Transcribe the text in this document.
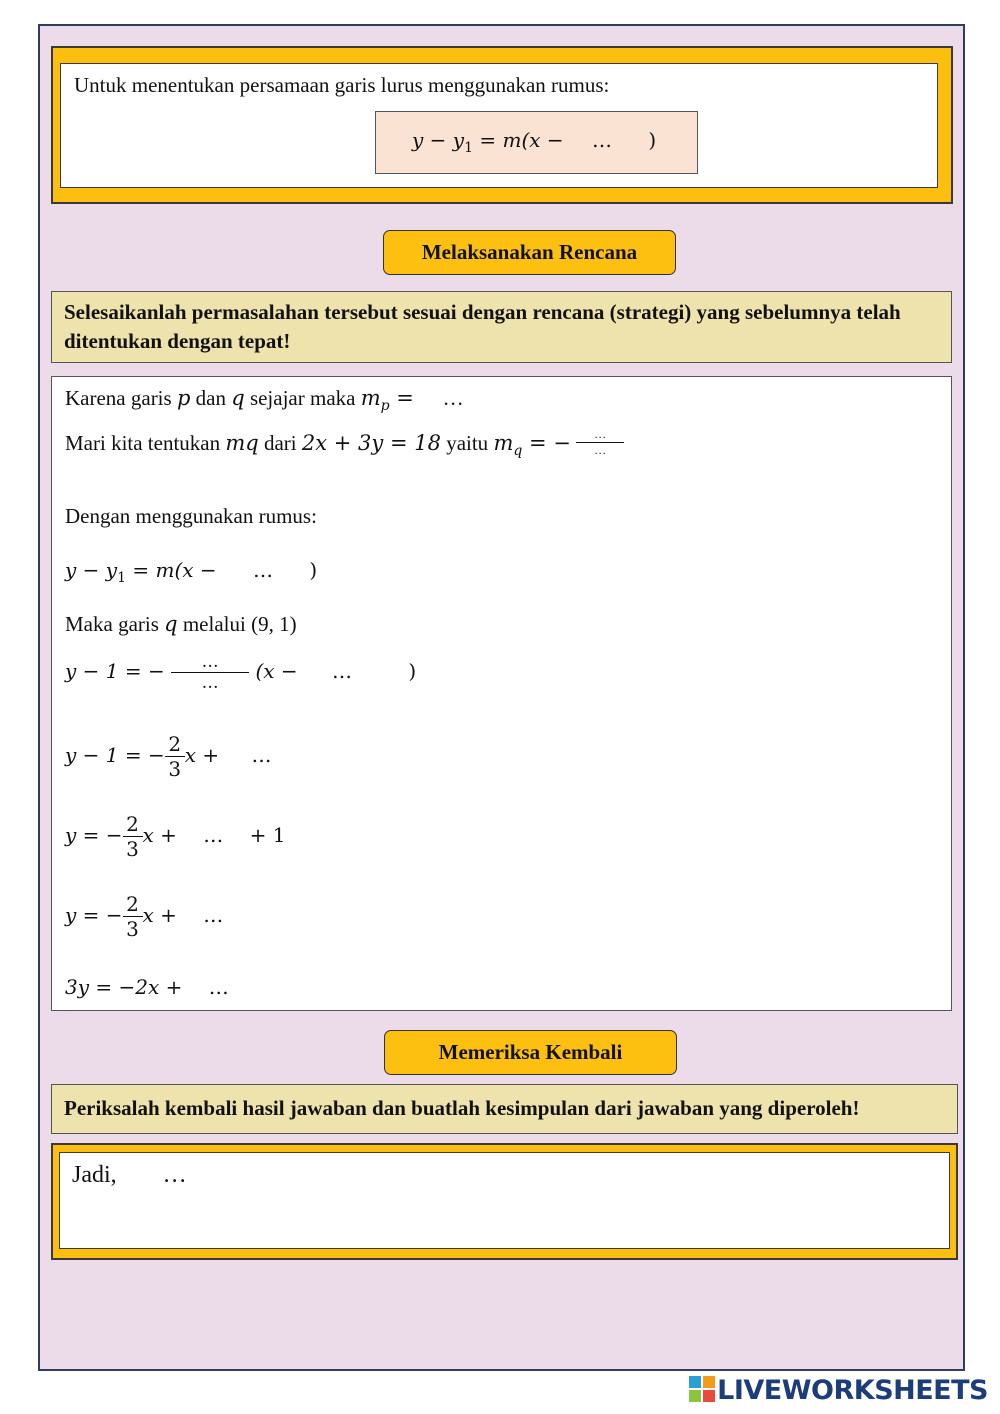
Untuk menentukan persamaan garis lurus menggunakan rumus:
$y - y_1 = m(x$ − … )
Melaksanakan Rencana
Selesaikanlah permasalahan tersebut sesuai dengan rencana (strategi) yang sebelumnya telah ditentukan dengan tepat!
Karena garis p dan q sejajar maka $m_p$ = …
Mari kita tentukan mq dari 2x + 3y = 18 yaitu $m_q$ = − $\frac{\dots}{\dots}$
Dengan menggunakan rumus:
$y - y_1 = m(x$ − … )
Maka garis q melalui (9, 1)
y − 1 = − $\frac{\dots}{\dots} (x$ − …	)
y − 1 = − $\frac{2}{3}$ x + …
y = − $\frac{2}{3}$ x + … + 1
y = − $\frac{2}{3}$ x + …
3y = −2x + …
Memeriksa Kembali
Periksalah kembali hasil jawaban dan buatlah kesimpulan dari jawaban yang diperoleh!
Jadi, …
LIVEWORKSHEETS
